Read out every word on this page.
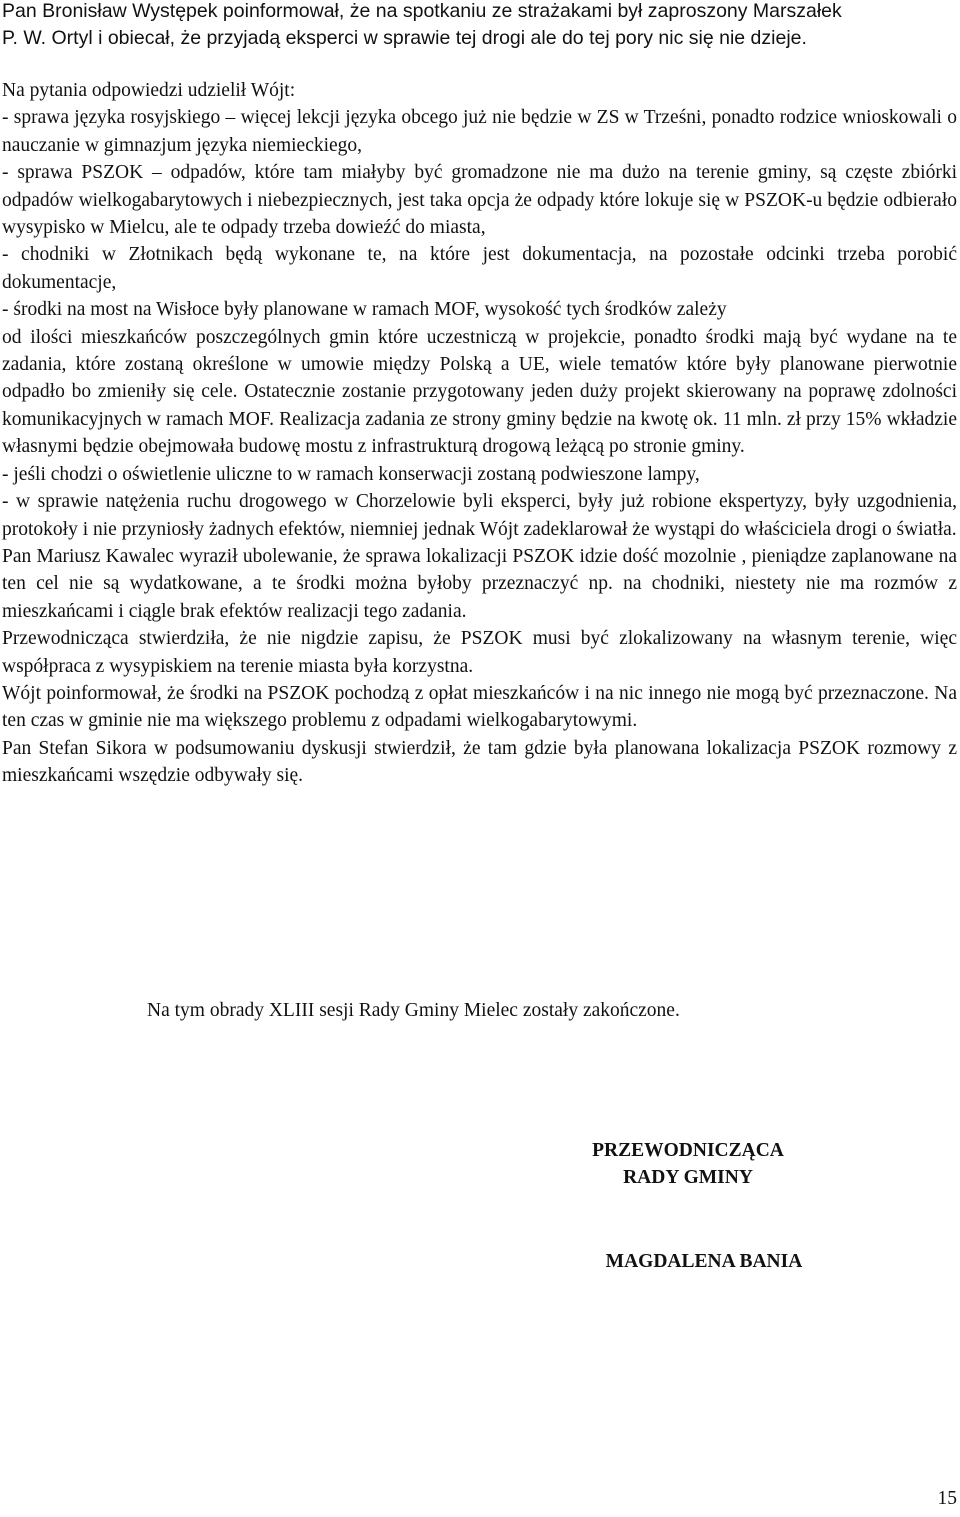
Pan Bronisław Występek poinformował, że na spotkaniu ze strażakami był zaproszony Marszałek
P. W. Ortyl i obiecał, że przyjadą eksperci w sprawie tej drogi ale do tej pory nic się nie dzieje.

Na pytania odpowiedzi udzielił Wójt:

- sprawa języka rosyjskiego – więcej lekcji języka obcego już nie będzie w ZS w Trześni, ponadto rodzice wnioskowali o nauczanie w gimnazjum języka niemieckiego,

- sprawa PSZOK – odpadów, które tam miałyby być gromadzone nie ma dużo na terenie gminy, są częste zbiórki odpadów wielkogabarytowych i niebezpiecznych, jest taka opcja że odpady które lokuje się w PSZOK-u będzie odbierało wysypisko w Mielcu, ale te odpady trzeba dowieźć do miasta,

- chodniki w Złotnikach będą wykonane te, na które jest dokumentacja, na pozostałe odcinki trzeba porobić dokumentacje,

- środki na most na Wisłoce były planowane w ramach MOF, wysokość tych środków zależy

od ilości mieszkańców poszczególnych gmin które uczestniczą w projekcie, ponadto środki mają być wydane na te zadania, które zostaną określone w umowie między Polską a UE, wiele tematów które były planowane pierwotnie odpadło bo zmieniły się cele. Ostatecznie zostanie przygotowany jeden duży projekt skierowany na poprawę zdolności komunikacyjnych w ramach MOF. Realizacja zadania ze strony gminy będzie na kwotę ok. 11 mln. zł przy 15% wkładzie własnymi będzie obejmowała budowę mostu z infrastrukturą drogową leżącą po stronie gminy.

- jeśli chodzi o oświetlenie uliczne to w ramach konserwacji zostaną podwieszone lampy,

- w sprawie natężenia ruchu drogowego w Chorzelowie byli eksperci, były już robione ekspertyzy, były uzgodnienia, protokoły i nie przyniosły żadnych efektów, niemniej jednak Wójt zadeklarował że wystąpi do właściciela drogi o światła.

Pan Mariusz Kawalec wyraził ubolewanie, że sprawa lokalizacji PSZOK idzie dość mozolnie , pieniądze zaplanowane na ten cel nie są wydatkowane, a te środki można byłoby przeznaczyć np. na chodniki, niestety nie ma rozmów z mieszkańcami i ciągle brak efektów realizacji tego zadania.

Przewodnicząca stwierdziła, że nie nigdzie zapisu, że PSZOK musi być zlokalizowany na własnym terenie, więc współpraca z wysypiskiem na terenie miasta była korzystna.

Wójt poinformował, że środki na PSZOK pochodzą z opłat mieszkańców i na nic innego nie mogą być przeznaczone. Na ten czas w gminie nie ma większego problemu z odpadami wielkogabarytowymi.

Pan Stefan Sikora w podsumowaniu dyskusji stwierdził, że tam gdzie była planowana lokalizacja PSZOK rozmowy z mieszkańcami wszędzie odbywały się.

Na tym obrady XLIII sesji Rady Gminy Mielec zostały zakończone.
PRZEWODNICZĄCA
RADY GMINY
MAGDALENA BANIA
15
